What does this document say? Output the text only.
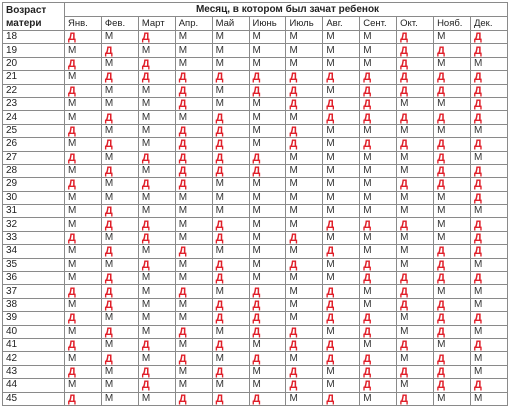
Возраст
матери	Месяц, в котором был зачат ребенок											
	Янв.	Фев.	Март	Апр.	Май	Июнь	Июль	Авг.	Сент.	Окт.	Нояб.	Дек.
18	Д	М	Д	М	М	М	М	М	М	Д	М	Д
19	М	Д	М	М	М	М	М	М	М	Д	Д	Д
20	Д	М	Д	М	М	М	М	М	М	Д	М	М
21	М	Д	Д	Д	Д	Д	Д	Д	Д	Д	Д	Д
22	Д	М	М	Д	М	Д	Д	М	Д	Д	Д	Д
23	М	М	М	Д	М	М	Д	Д	Д	М	М	Д
24	М	Д	М	М	Д	М	М	Д	Д	Д	Д	Д
25	Д	М	М	Д	Д	М	Д	М	М	М	М	М
26	М	Д	М	Д	Д	М	Д	М	Д	Д	Д	Д
27	Д	М	Д	Д	Д	Д	М	М	М	М	Д	М
28	М	Д	М	Д	Д	Д	М	М	М	М	Д	Д
29	Д	М	Д	Д	М	М	М	М	М	Д	Д	Д
30	М	М	М	М	М	М	М	М	М	М	М	Д
31	М	Д	М	М	М	М	М	М	М	М	М	М
32	М	Д	Д	М	Д	М	М	Д	Д	Д	М	Д
33	Д	М	Д	М	Д	М	Д	М	М	М	М	Д
34	М	Д	М	Д	М	М	М	Д	М	М	Д	Д
35	М	М	Д	М	Д	М	Д	М	Д	М	Д	М
36	М	Д	М	М	Д	М	М	М	Д	Д	Д	Д
37	Д	Д	М	Д	М	Д	М	Д	М	Д	М	М
38	М	Д	М	М	Д	Д	М	Д	М	Д	Д	М
39	Д	М	М	М	Д	Д	М	Д	Д	М	Д	Д
40	М	Д	М	Д	М	Д	Д	М	Д	М	Д	М
41	Д	М	Д	М	Д	М	Д	Д	М	Д	М	Д
42	М	Д	М	Д	М	Д	М	Д	Д	М	Д	М
43	Д	М	Д	М	Д	М	Д	М	Д	Д	Д	М
44	М	М	Д	М	М	М	Д	М	Д	М	Д	Д
45	Д	М	М	Д	Д	Д	М	Д	М	Д	М	М
